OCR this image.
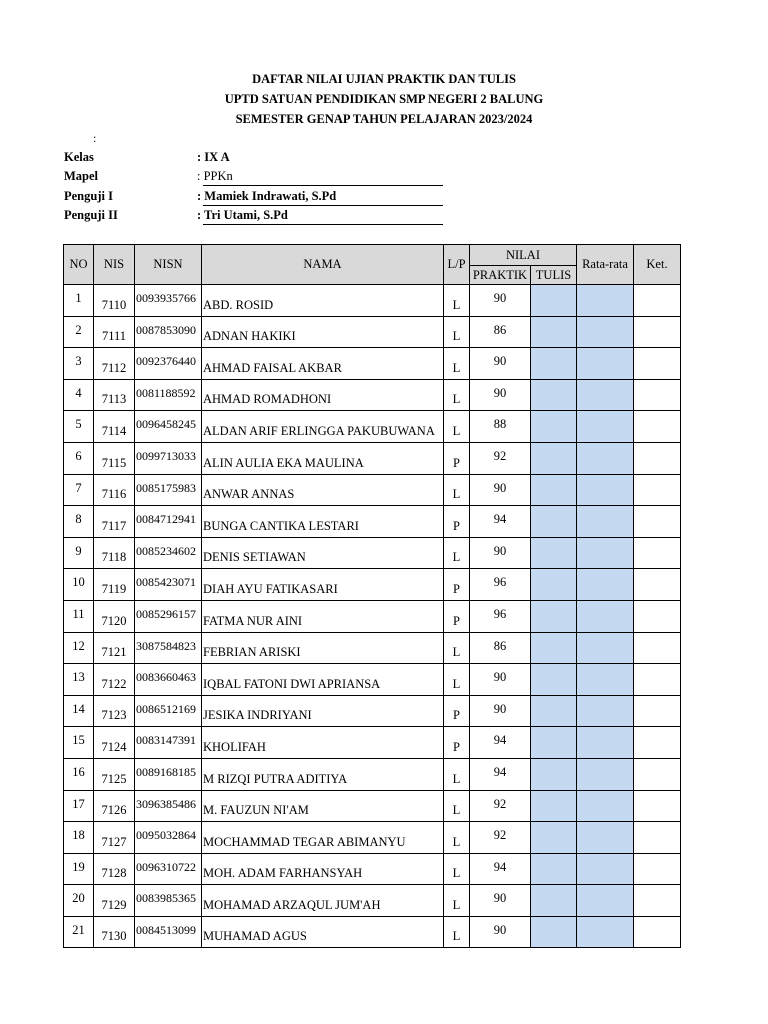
DAFTAR NILAI UJIAN PRAKTIK DAN TULIS
UPTD SATUAN PENDIDIKAN SMP NEGERI 2 BALUNG
SEMESTER GENAP TAHUN PELAJARAN 2023/2024
:
Kelas	: IX A
Mapel	: PPKn
Penguji I	: Mamiek Indrawati, S.Pd
Penguji II	: Tri Utami, S.Pd
NO	NIS	NISN	NAMA	L/P	NILAI		Rata-rata	Ket.
					PRAKTIK	TULIS		
1	7110	0093935766	ABD. ROSID	L	90			
2	7111	0087853090	ADNAN HAKIKI	L	86			
3	7112	0092376440	AHMAD FAISAL AKBAR	L	90			
4	7113	0081188592	AHMAD ROMADHONI	L	90			
5	7114	0096458245	ALDAN ARIF ERLINGGA PAKUBUWANA	L	88			
6	7115	0099713033	ALIN AULIA EKA MAULINA	P	92			
7	7116	0085175983	ANWAR ANNAS	L	90			
8	7117	0084712941	BUNGA CANTIKA LESTARI	P	94			
9	7118	0085234602	DENIS SETIAWAN	L	90			
10	7119	0085423071	DIAH AYU FATIKASARI	P	96			
11	7120	0085296157	FATMA NUR AINI	P	96			
12	7121	3087584823	FEBRIAN ARISKI	L	86			
13	7122	0083660463	IQBAL FATONI DWI APRIANSA	L	90			
14	7123	0086512169	JESIKA INDRIYANI	P	90			
15	7124	0083147391	KHOLIFAH	P	94			
16	7125	0089168185	M RIZQI PUTRA ADITIYA	L	94			
17	7126	3096385486	M. FAUZUN NI'AM	L	92			
18	7127	0095032864	MOCHAMMAD TEGAR ABIMANYU	L	92			
19	7128	0096310722	MOH. ADAM FARHANSYAH	L	94			
20	7129	0083985365	MOHAMAD ARZAQUL JUM'AH	L	90			
21	7130	0084513099	MUHAMAD AGUS	L	90			
